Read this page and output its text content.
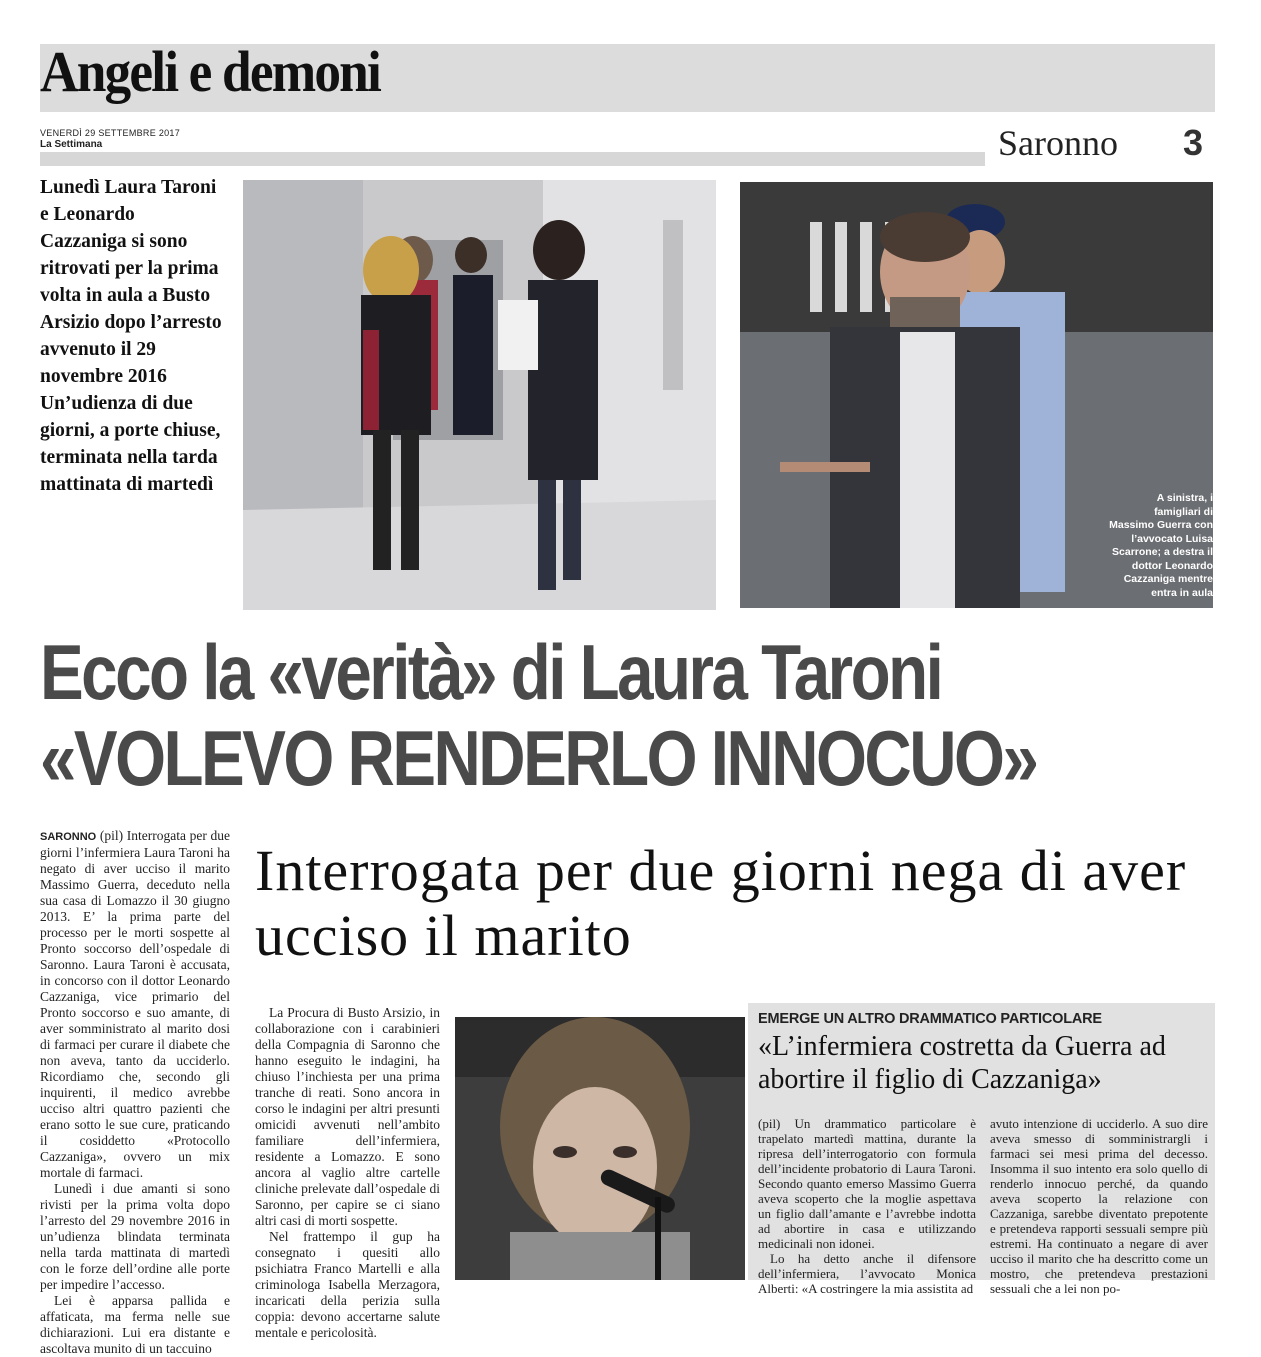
Angeli e demoni
VENERDÌ 29 SETTEMBRE 2017
La Settimana	Saronno 3
Lunedì Laura Taroni e Leonardo Cazzaniga si sono ritrovati per la prima volta in aula a Busto Arsizio dopo l’arresto avvenuto il 29 novembre 2016 Un’udienza di due giorni, a porte chiuse, terminata nella tarda mattinata di martedì
A sinistra, i famigliari di Massimo Guerra con l’avvocato Luisa Scarrone; a destra il dottor Leonardo Cazzaniga mentre entra in aula
Ecco la «verità» di Laura Taroni
«VOLEVO RENDERLO INNOCUO»
Interrogata per due giorni nega di aver ucciso il marito

SARONNO (pil) Interrogata per due giorni l’infermiera Laura Taroni ha negato di aver ucciso il marito Massimo Guerra, deceduto nella sua casa di Lomazzo il 30 giugno 2013. E’ la prima parte del processo per le morti sospette al Pronto soccorso dell’ospedale di Saronno. Laura Taroni è accusata, in concorso con il dottor Leonardo Cazzaniga, vice primario del Pronto soccorso e suo amante, di aver somministrato al marito dosi di farmaci per curare il diabete che non aveva, tanto da ucciderlo. Ricordiamo che, secondo gli inquirenti, il medico avrebbe ucciso altri quattro pazienti che erano sotto le sue cure, praticando il cosiddetto «Protocollo Cazzaniga», ovvero un mix mortale di farmaci.

Lunedì i due amanti si sono rivisti per la prima volta dopo l’arresto del 29 novembre 2016 in un’udienza blindata terminata nella tarda mattinata di martedì con le forze dell’ordine alle porte per impedire l’accesso.

Lei è apparsa pallida e affaticata, ma ferma nelle sue dichiarazioni. Lui era distante e ascoltava munito di un taccuino

La Procura di Busto Arsizio, in collaborazione con i carabinieri della Compagnia di Saronno che hanno eseguito le indagini, ha chiuso l’inchiesta per una prima tranche di reati. Sono ancora in corso le indagini per altri presunti omicidi avvenuti nell’ambito familiare dell’infermiera, residente a Lomazzo. E sono ancora al vaglio altre cartelle cliniche prelevate dall’ospedale di Saronno, per capire se ci siano altri casi di morti sospette.

Nel frattempo il gup ha consegnato i quesiti allo psichiatra Franco Martelli e alla criminologa Isabella Merzagora, incaricati della perizia sulla coppia: devono accertarne salute mentale e pericolosità.

EMERGE UN ALTRO DRAMMATICO PARTICOLARE
«L’infermiera costretta da Guerra ad abortire il figlio di Cazzaniga»

(pil) Un drammatico particolare è trapelato martedì mattina, durante la ripresa dell’interrogatorio con formula dell’incidente probatorio di Laura Taroni. Secondo quanto emerso Massimo Guerra aveva scoperto che la moglie aspettava un figlio dall’amante e l’avrebbe indotta ad abortire in casa e utilizzando medicinali non idonei.

Lo ha detto anche il difensore dell’infermiera, l’avvocato Monica Alberti: «A costringere la mia assistita ad

avuto intenzione di ucciderlo. A suo dire aveva smesso di somministrargli i farmaci sei mesi prima del decesso. Insomma il suo intento era solo quello di renderlo innocuo perché, da quando aveva scoperto la relazione con Cazzaniga, sarebbe diventato prepotente e pretendeva rapporti sessuali sempre più estremi. Ha continuato a negare di aver ucciso il marito che ha descritto come un mostro, che pretendeva prestazioni sessuali che a lei non po-
